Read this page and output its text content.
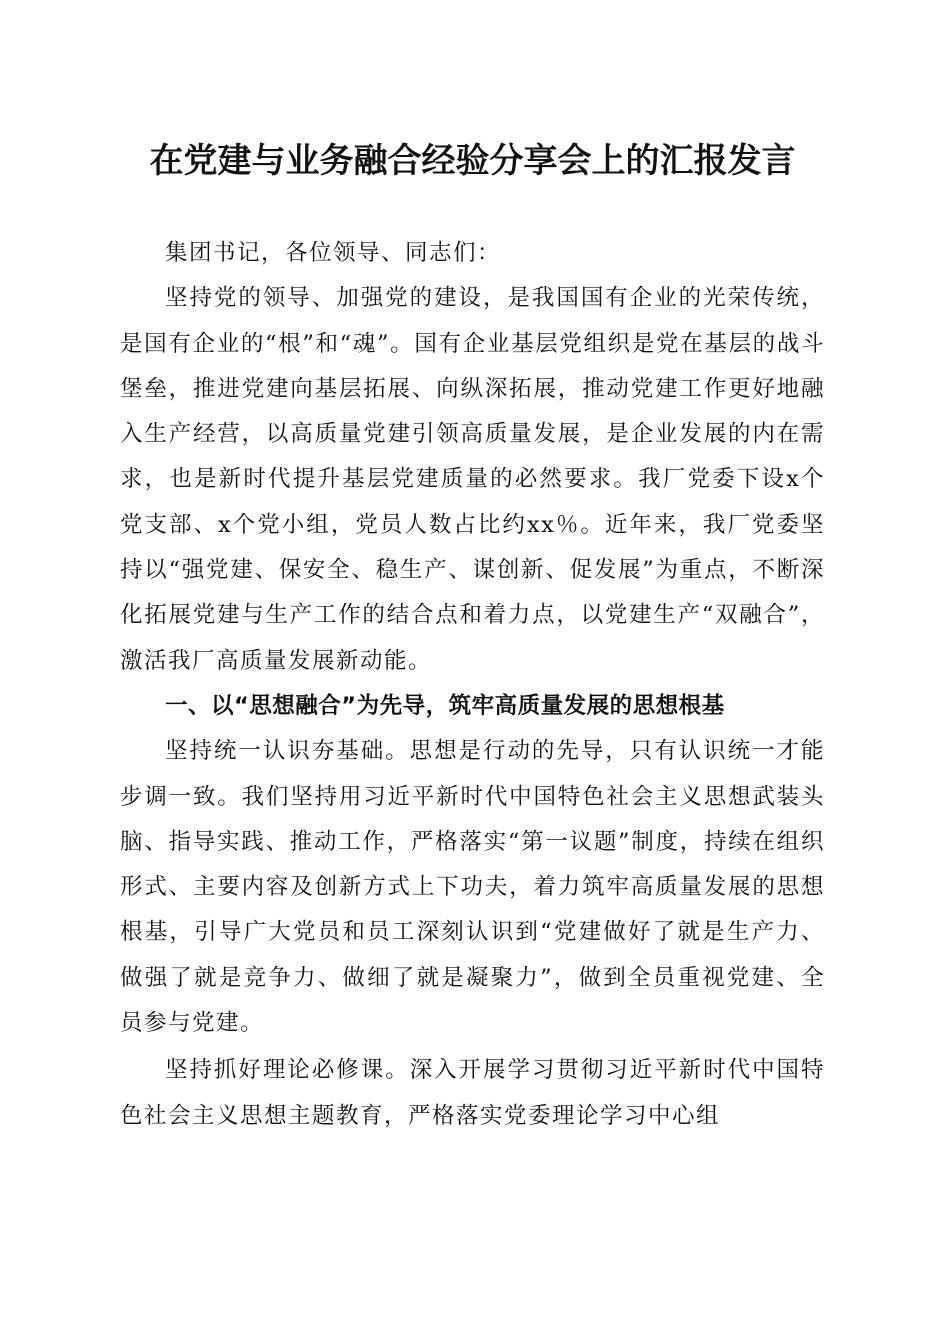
在党建与业务融合经验分享会上的汇报发言

集团书记，各位领导、同志们：

坚持党的领导、加强党的建设，是我国国有企业的光荣传统，是国有企业的“根”和“魂”。国有企业基层党组织是党在基层的战斗堡垒，推进党建向基层拓展、向纵深拓展，推动党建工作更好地融入生产经营，以高质量党建引领高质量发展，是企业发展的内在需求，也是新时代提升基层党建质量的必然要求。我厂党委下设x个党支部、x个党小组，党员人数占比约xx％。近年来，我厂党委坚持以“强党建、保安全、稳生产、谋创新、促发展”为重点，不断深化拓展党建与生产工作的结合点和着力点，以党建生产“双融合”，激活我厂高质量发展新动能。

一、以“思想融合”为先导，筑牢高质量发展的思想根基

坚持统一认识夯基础。思想是行动的先导，只有认识统一才能步调一致。我们坚持用习近平新时代中国特色社会主义思想武装头脑、指导实践、推动工作，严格落实“第一议题”制度，持续在组织形式、主要内容及创新方式上下功夫，着力筑牢高质量发展的思想根基，引导广大党员和员工深刻认识到“党建做好了就是生产力、做强了就是竞争力、做细了就是凝聚力”，做到全员重视党建、全员参与党建。

坚持抓好理论必修课。深入开展学习贯彻习近平新时代中国特色社会主义思想主题教育，严格落实党委理论学习中心组
